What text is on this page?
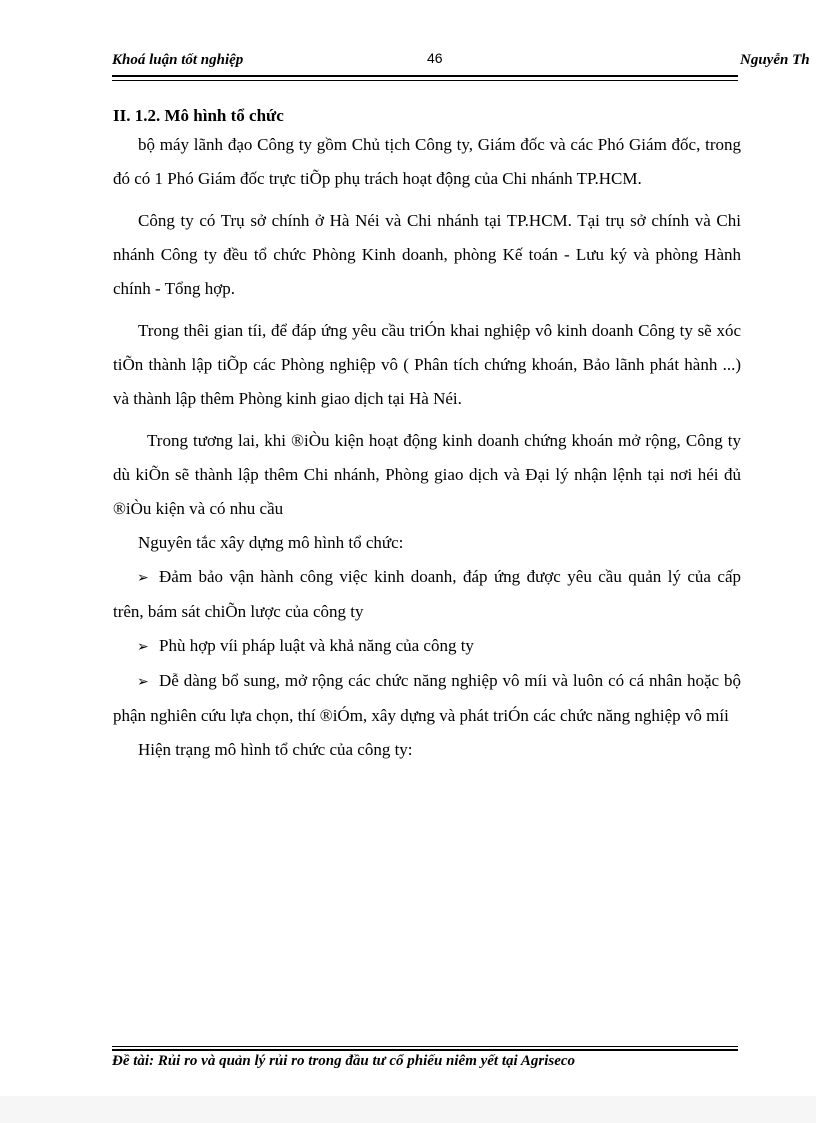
Khoá luận tốt nghiệp	46	Nguyễn Th

II. 1.2. Mô hình tổ chức

bộ máy lãnh đạo Công ty gồm Chủ tịch Công ty, Giám đốc và các Phó Giám đốc, trong đó có 1 Phó Giám đốc trực tiÕp phụ trách hoạt động của Chi nhánh TP.HCM.

Công ty có Trụ sở chính ở Hà Néi và Chi nhánh tại TP.HCM. Tại trụ sở chính và Chi nhánh Công ty đều tổ chức Phòng Kinh doanh, phòng Kế toán - Lưu ký và phòng Hành chính - Tổng hợp.

Trong thêi gian tíi, để đáp ứng yêu cầu triÓn khai nghiệp vô kinh doanh Công ty sẽ xóc tiÕn thành lập tiÕp các Phòng nghiệp vô ( Phân tích chứng khoán, Bảo lãnh phát hành ...) và thành lập thêm Phòng kinh giao dịch tại Hà Néi.

Trong tương lai, khi ®iÒu kiện hoạt động kinh doanh chứng khoán mở rộng, Công ty dù kiÕn sẽ thành lập thêm Chi nhánh, Phòng giao dịch và Đại lý nhận lệnh tại nơi héi đủ ®iÒu kiện và có nhu cầu

Nguyên tắc xây dựng mô hình tổ chức:

➢ Đảm bảo vận hành công việc kinh doanh, đáp ứng được yêu cầu quản lý của cấp trên, bám sát chiÕn lược của công ty

➢ Phù hợp víi pháp luật và khả năng của công ty

➢ Dễ dàng bổ sung, mở rộng các chức năng nghiệp vô míi và luôn có cá nhân hoặc bộ phận nghiên cứu lựa chọn, thí ®iÓm, xây dựng và phát triÓn các chức năng nghiệp vô míi

Hiện trạng mô hình tổ chức của công ty:

Đề tài: Rủi ro và quản lý rủi ro trong đầu tư cổ phiếu niêm yết tại Agriseco
